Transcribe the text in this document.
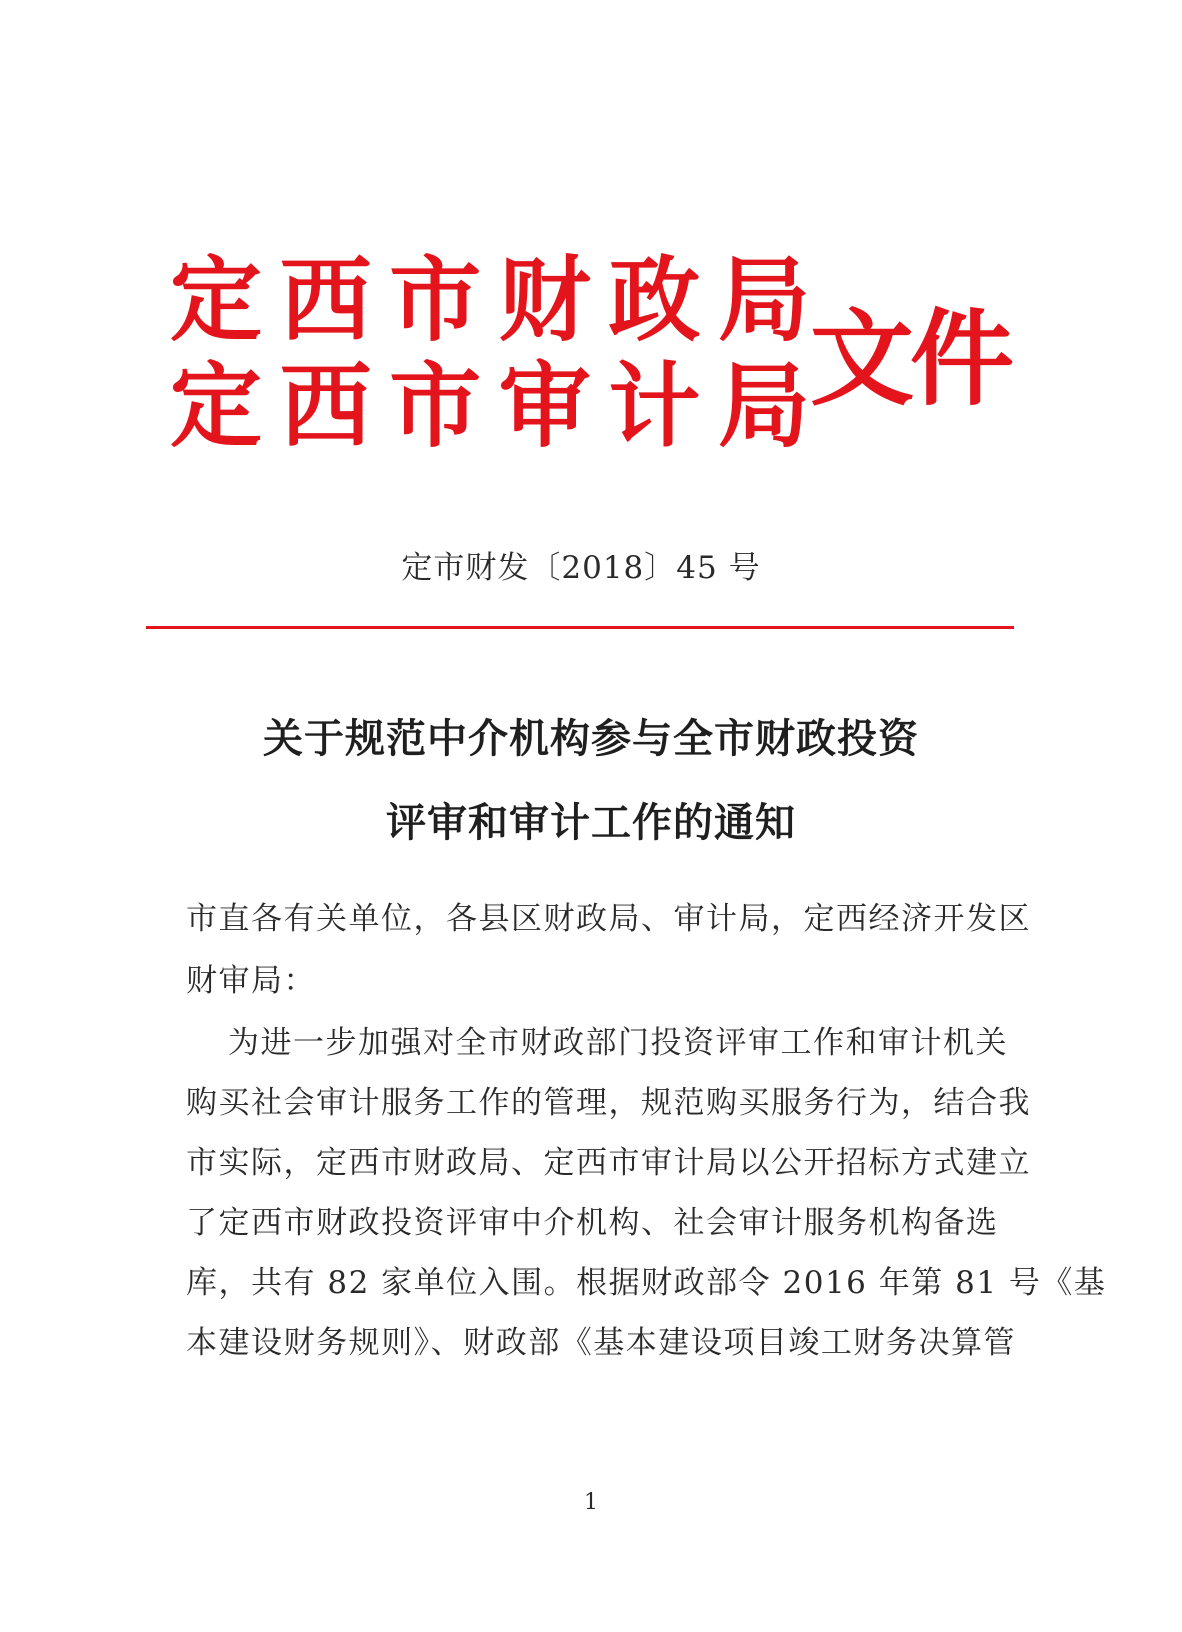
定 西 市 财 政 局
定 西 市 审 计 局 文件
定市财发〔2018〕45 号
关于规范中介机构参与全市财政投资
评审和审计工作的通知
市直各有关单位，各县区财政局、审计局，定西经济开发区
财审局：
为进一步加强对全市财政部门投资评审工作和审计机关
购买社会审计服务工作的管理，规范购买服务行为，结合我
市实际，定西市财政局、定西市审计局以公开招标方式建立
了定西市财政投资评审中介机构、社会审计服务机构备选
库，共有 82 家单位入围。根据财政部令 2016 年第 81 号《基
本建设财务规则》、财政部《基本建设项目竣工财务决算管
1
